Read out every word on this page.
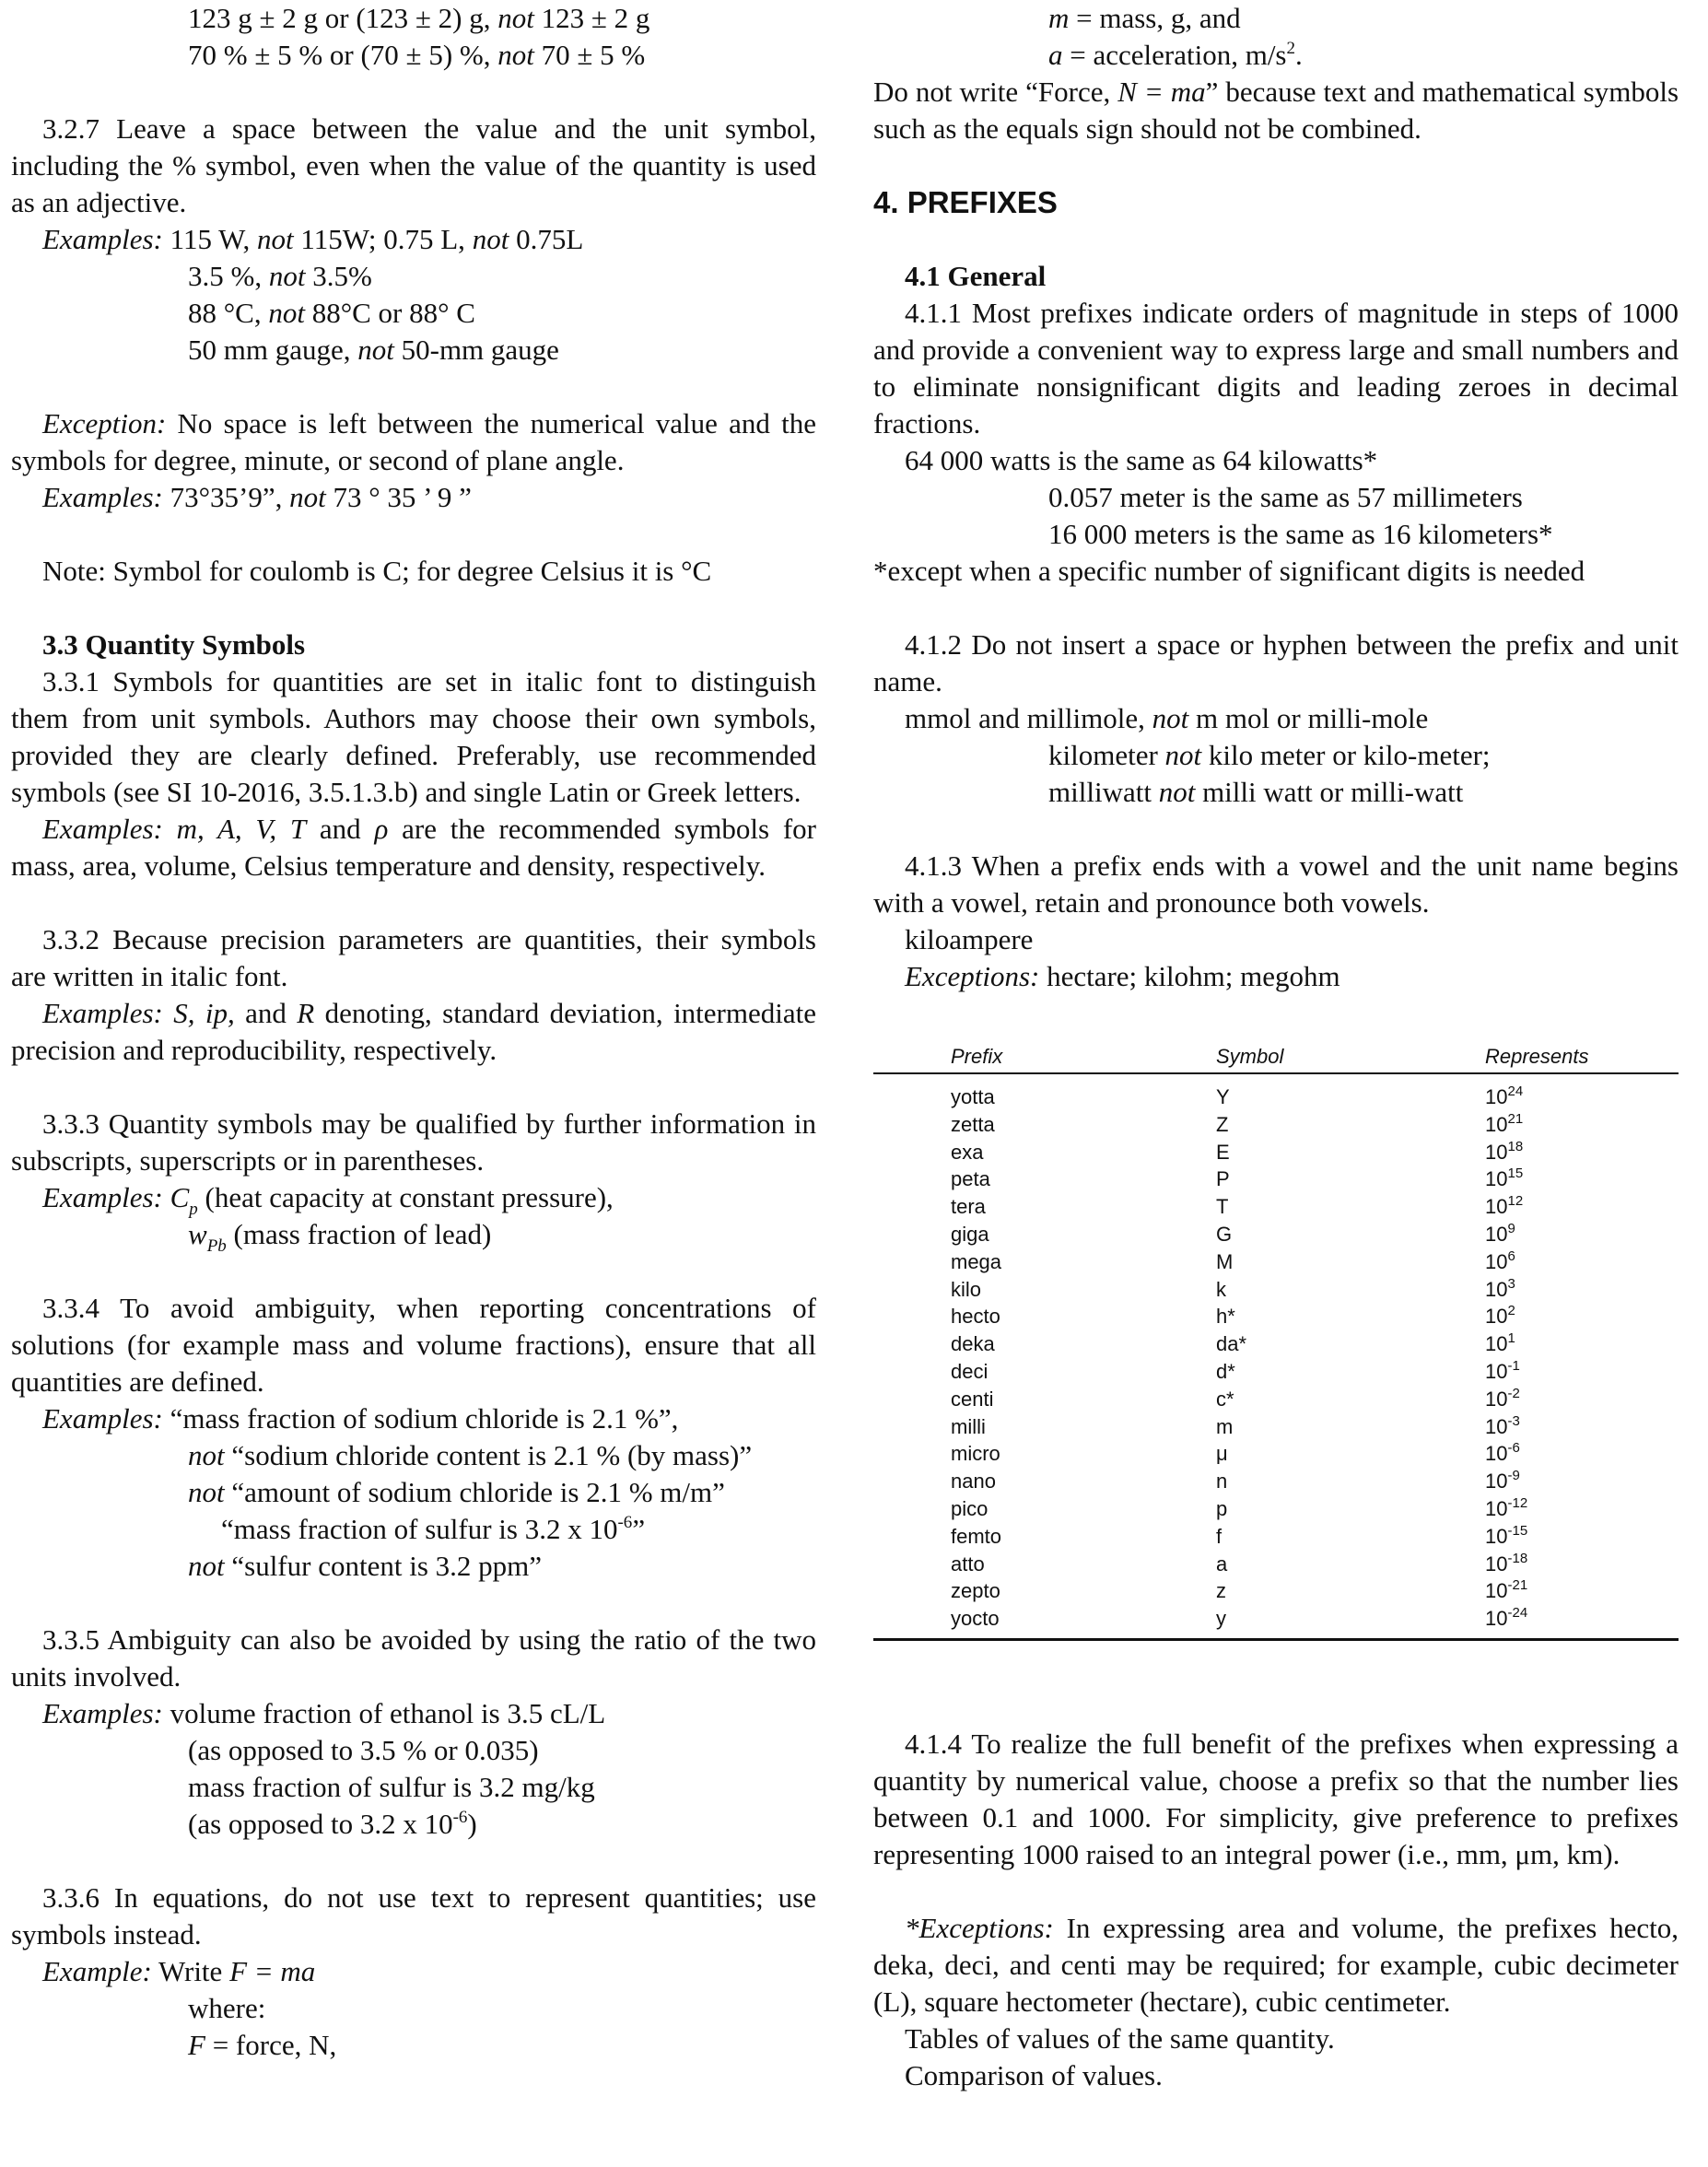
123 g ± 2 g or (123 ± 2) g, not 123 ± 2 g

70 % ± 5 % or (70 ± 5) %, not 70 ± 5 %

3.2.7 Leave a space between the value and the unit symbol, including the % symbol, even when the value of the quantity is used as an adjective.

Examples: 115 W, not 115W; 0.75 L, not 0.75L

3.5 %, not 3.5%

88 °C, not 88°C or 88° C

50 mm gauge, not 50-mm gauge

Exception: No space is left between the numerical value and the symbols for degree, minute, or second of plane angle.

Examples: 73°35’9”, not 73 ° 35 ’ 9 ”

Note: Symbol for coulomb is C; for degree Celsius it is °C

3.3 Quantity Symbols

3.3.1 Symbols for quantities are set in italic font to distinguish them from unit symbols. Authors may choose their own symbols, provided they are clearly defined. Preferably, use recommended symbols (see SI 10-2016, 3.5.1.3.b) and single Latin or Greek letters.

Examples: m, A, V, T and ρ are the recommended symbols for mass, area, volume, Celsius temperature and density, respectively.

3.3.2 Because precision parameters are quantities, their symbols are written in italic font.

Examples: S, ip, and R denoting, standard deviation, intermediate precision and reproducibility, respectively.

3.3.3 Quantity symbols may be qualified by further information in subscripts, superscripts or in parentheses.

Examples: $C_p$ (heat capacity at constant pressure),

$w_{Pb}$ (mass fraction of lead)

3.3.4 To avoid ambiguity, when reporting concentrations of solutions (for example mass and volume fractions), ensure that all quantities are defined.

Examples: “mass fraction of sodium chloride is 2.1 %”,

not “sodium chloride content is 2.1 % (by mass)”

not “amount of sodium chloride is 2.1 % m/m”

“mass fraction of sulfur is 3.2 x $10^{-6}$”

not “sulfur content is 3.2 ppm”

3.3.5 Ambiguity can also be avoided by using the ratio of the two units involved.

Examples: volume fraction of ethanol is 3.5 cL/L

(as opposed to 3.5 % or 0.035)

mass fraction of sulfur is 3.2 mg/kg

(as opposed to 3.2 x $10^{-6}$)

3.3.6 In equations, do not use text to represent quantities; use symbols instead.

Example: Write F = ma

where:

F = force, N,

m = mass, g, and

a = acceleration, $m/s^2$.

Do not write “Force, N = ma” because text and mathematical symbols such as the equals sign should not be combined.

4. PREFIXES
4.1 General

4.1.1 Most prefixes indicate orders of magnitude in steps of 1000 and provide a convenient way to express large and small numbers and to eliminate nonsignificant digits and leading zeroes in decimal fractions.

64 000 watts is the same as 64 kilowatts*

0.057 meter is the same as 57 millimeters

16 000 meters is the same as 16 kilometers*

*except when a specific number of significant digits is needed

4.1.2 Do not insert a space or hyphen between the prefix and unit name.

mmol and millimole, not m mol or milli-mole

kilometer not kilo meter or kilo-meter;

milliwatt not milli watt or milli-watt

4.1.3 When a prefix ends with a vowel and the unit name begins with a vowel, retain and pronounce both vowels.

kiloampere

Exceptions: hectare; kilohm; megohm

Prefix	Symbol	Represents
yotta	Y	$10^{24}$
zetta	Z	$10^{21}$
exa	E	$10^{18}$
peta	P	$10^{15}$
tera	T	$10^{12}$
giga	G	$10^9$
mega	M	$10^6$
kilo	k	$10^3$
hecto	h*	$10^2$
deka	da*	$10^1$
deci	d*	$10^{-1}$
centi	c*	$10^{-2}$
milli	m	$10^{-3}$
micro	μ	$10^{-6}$
nano	n	$10^{-9}$
pico	p	$10^{-12}$
femto	f	$10^{-15}$
atto	a	$10^{-18}$
zepto	z	$10^{-21}$
yocto	y	$10^{-24}$

4.1.4 To realize the full benefit of the prefixes when expressing a quantity by numerical value, choose a prefix so that the number lies between 0.1 and 1000. For simplicity, give preference to prefixes representing 1000 raised to an integral power (i.e., mm, μm, km).

*Exceptions: In expressing area and volume, the prefixes hecto, deka, deci, and centi may be required; for example, cubic decimeter (L), square hectometer (hectare), cubic centimeter.

Tables of values of the same quantity.

Comparison of values.
